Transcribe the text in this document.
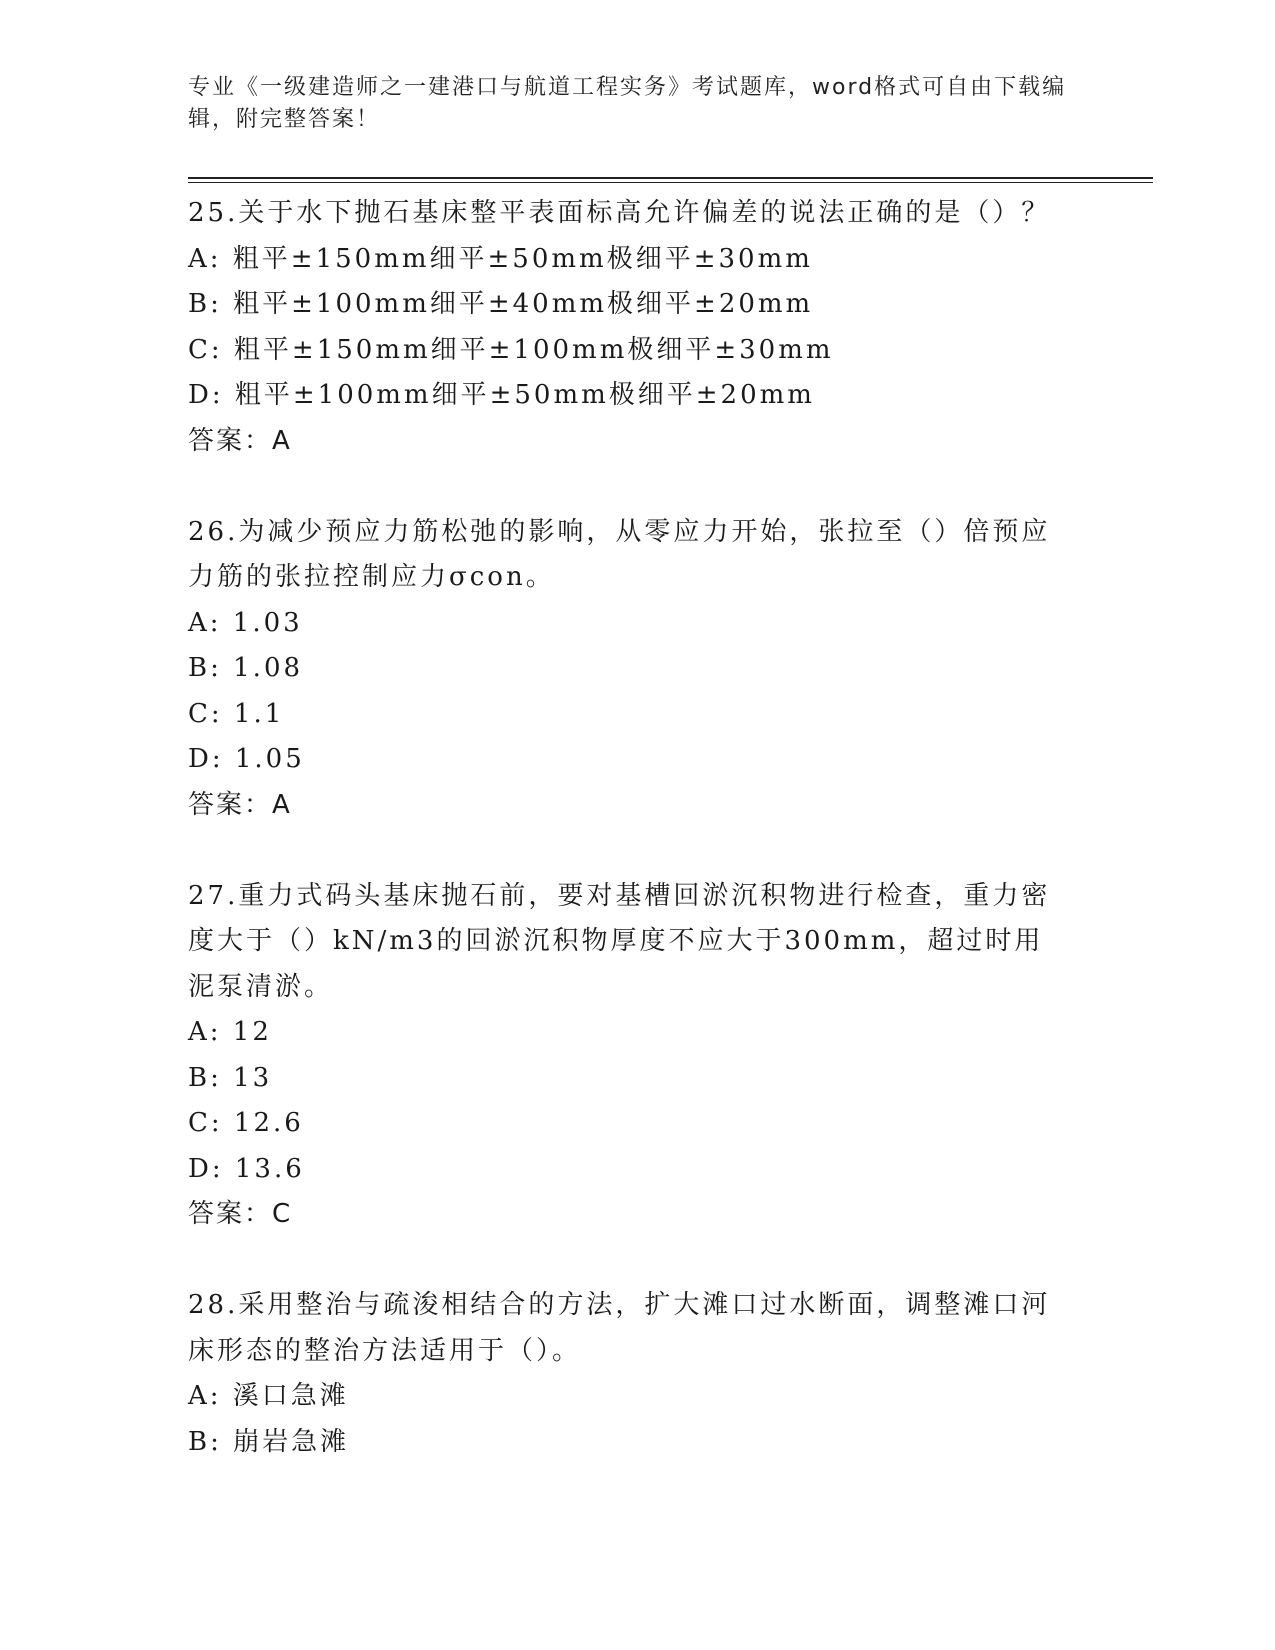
专业《一级建造师之一建港口与航道工程实务》考试题库，word格式可自由下载编辑，附完整答案！
25.关于水下抛石基床整平表面标高允许偏差的说法正确的是（）？
A: 粗平±150mm细平±50mm极细平±30mm
B: 粗平±100mm细平±40mm极细平±20mm
C: 粗平±150mm细平±100mm极细平±30mm
D: 粗平±100mm细平±50mm极细平±20mm
答案：A
26.为减少预应力筋松弛的影响，从零应力开始，张拉至（）倍预应力筋的张拉控制应力σcon。
A: 1.03
B: 1.08
C: 1.1
D: 1.05
答案：A
27.重力式码头基床抛石前，要对基槽回淤沉积物进行检查，重力密度大于（）kN/m3的回淤沉积物厚度不应大于300mm，超过时用泥泵清淤。
A: 12
B: 13
C: 12.6
D: 13.6
答案：C
28.采用整治与疏浚相结合的方法，扩大滩口过水断面，调整滩口河床形态的整治方法适用于（）。
A: 溪口急滩
B: 崩岩急滩
